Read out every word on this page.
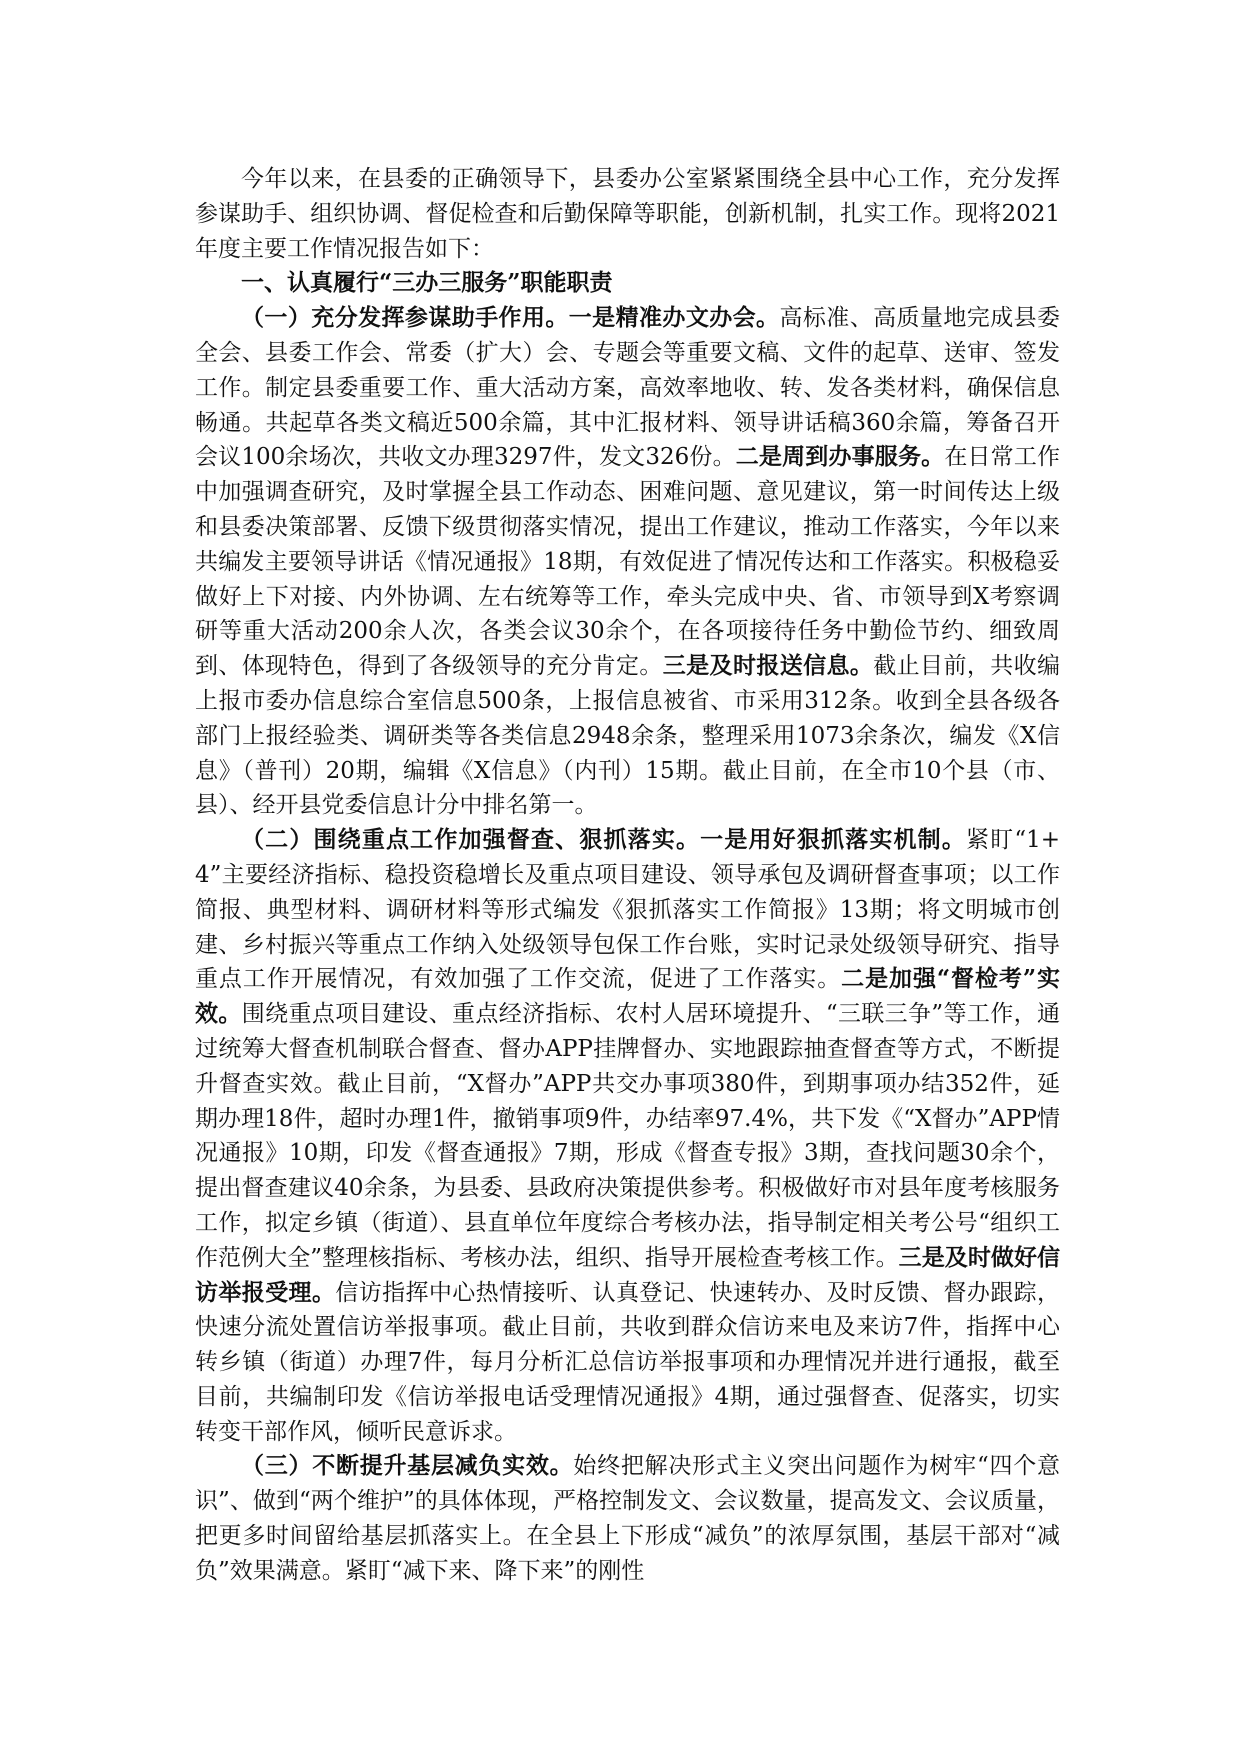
今年以来，在县委的正确领导下，县委办公室紧紧围绕全县中心工作，充分发挥参谋助手、组织协调、督促检查和后勤保障等职能，创新机制，扎实工作。现将2021年度主要工作情况报告如下：

一、认真履行“三办三服务”职能职责

（一）充分发挥参谋助手作用。一是精准办文办会。高标准、高质量地完成县委全会、县委工作会、常委（扩大）会、专题会等重要文稿、文件的起草、送审、签发工作。制定县委重要工作、重大活动方案，高效率地收、转、发各类材料，确保信息畅通。共起草各类文稿近500余篇，其中汇报材料、领导讲话稿360余篇，筹备召开会议100余场次，共收文办理3297件，发文326份。二是周到办事服务。在日常工作中加强调查研究，及时掌握全县工作动态、困难问题、意见建议，第一时间传达上级和县委决策部署、反馈下级贯彻落实情况，提出工作建议，推动工作落实，今年以来共编发主要领导讲话《情况通报》18期，有效促进了情况传达和工作落实。积极稳妥做好上下对接、内外协调、左右统筹等工作，牵头完成中央、省、市领导到X考察调研等重大活动200余人次，各类会议30余个，在各项接待任务中勤俭节约、细致周到、体现特色，得到了各级领导的充分肯定。三是及时报送信息。截止目前，共收编上报市委办信息综合室信息500条，上报信息被省、市采用312条。收到全县各级各部门上报经验类、调研类等各类信息2948余条，整理采用1073余条次，编发《X信息》（普刊）20期，编辑《X信息》（内刊）15期。截止目前，在全市10个县（市、县）、经开县党委信息计分中排名第一。

（二）围绕重点工作加强督查、狠抓落实。一是用好狠抓落实机制。紧盯“1+4”主要经济指标、稳投资稳增长及重点项目建设、领导承包及调研督查事项；以工作简报、典型材料、调研材料等形式编发《狠抓落实工作简报》13期；将文明城市创建、乡村振兴等重点工作纳入处级领导包保工作台账，实时记录处级领导研究、指导重点工作开展情况，有效加强了工作交流，促进了工作落实。二是加强“督检考”实效。围绕重点项目建设、重点经济指标、农村人居环境提升、“三联三争”等工作，通过统筹大督查机制联合督查、督办APP挂牌督办、实地跟踪抽查督查等方式，不断提升督查实效。截止目前，“X督办”APP共交办事项380件，到期事项办结352件，延期办理18件，超时办理1件，撤销事项9件，办结率97.4%，共下发《“X督办”APP情况通报》10期，印发《督查通报》7期，形成《督查专报》3期，查找问题30余个，提出督查建议40余条，为县委、县政府决策提供参考。积极做好市对县年度考核服务工作，拟定乡镇（街道）、县直单位年度综合考核办法，指导制定相关考公号“组织工作范例大全”整理核指标、考核办法，组织、指导开展检查考核工作。三是及时做好信访举报受理。信访指挥中心热情接听、认真登记、快速转办、及时反馈、督办跟踪，快速分流处置信访举报事项。截止目前，共收到群众信访来电及来访7件，指挥中心转乡镇（街道）办理7件，每月分析汇总信访举报事项和办理情况并进行通报，截至目前，共编制印发《信访举报电话受理情况通报》4期，通过强督查、促落实，切实转变干部作风，倾听民意诉求。

（三）不断提升基层减负实效。始终把解决形式主义突出问题作为树牢“四个意识”、做到“两个维护”的具体体现，严格控制发文、会议数量，提高发文、会议质量，把更多时间留给基层抓落实上。在全县上下形成“减负”的浓厚氛围，基层干部对“减负”效果满意。紧盯“减下来、降下来”的刚性
